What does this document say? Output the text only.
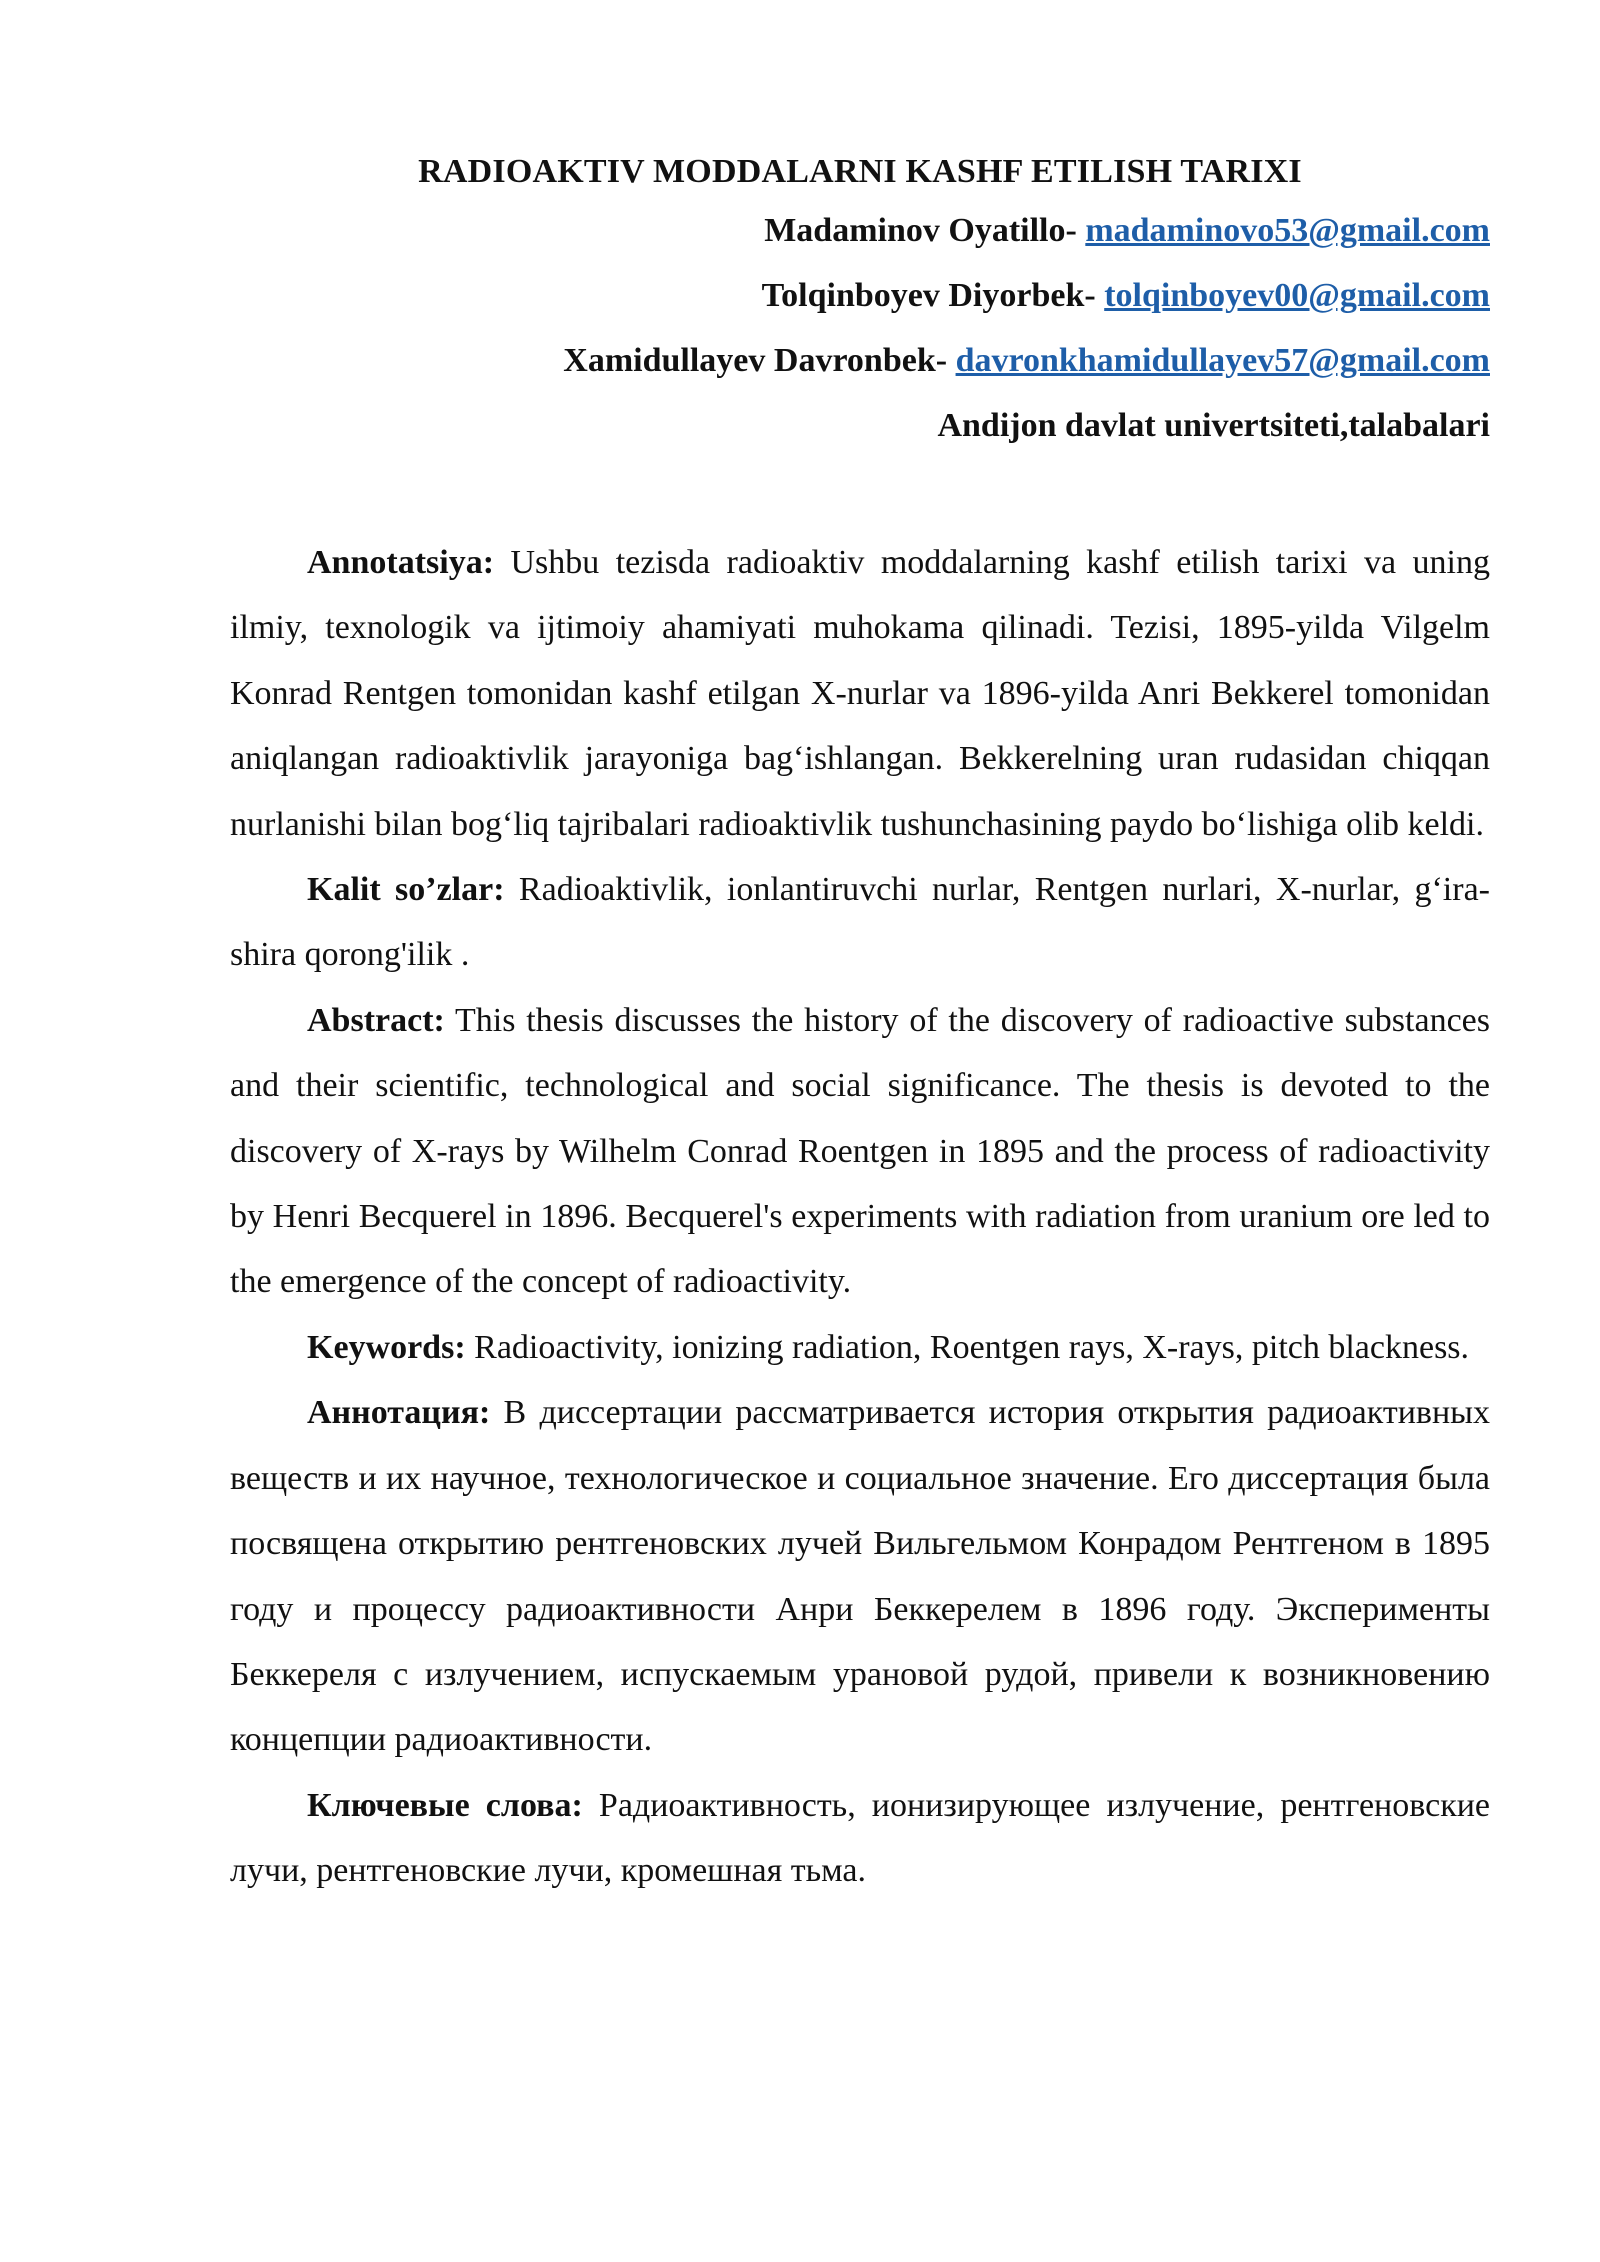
RADIOAKTIV MODDALARNI KASHF ETILISH TARIXI

Madaminov Oyatillo- madaminovo53@gmail.com

Tolqinboyev Diyorbek- tolqinboyev00@gmail.com

Xamidullayev Davronbek- davronkhamidullayev57@gmail.com

Andijon davlat univertsiteti,talabalari

Annotatsiya: Ushbu tezisda radioaktiv moddalarning kashf etilish tarixi va uning ilmiy, texnologik va ijtimoiy ahamiyati muhokama qilinadi. Tezisi, 1895-yilda Vilgelm Konrad Rentgen tomonidan kashf etilgan X-nurlar va 1896-yilda Anri Bekkerel tomonidan aniqlangan radioaktivlik jarayoniga bag‘ishlangan. Bekkerelning uran rudasidan chiqqan nurlanishi bilan bog‘liq tajribalari radioaktivlik tushunchasining paydo bo‘lishiga olib keldi.

Kalit so’zlar: Radioaktivlik, ionlantiruvchi nurlar, Rentgen nurlari, X-nurlar, g‘ira-shira qorong'ilik .

Abstract: This thesis discusses the history of the discovery of radioactive substances and their scientific, technological and social significance. The thesis is devoted to the discovery of X-rays by Wilhelm Conrad Roentgen in 1895 and the process of radioactivity by Henri Becquerel in 1896. Becquerel's experiments with radiation from uranium ore led to the emergence of the concept of radioactivity.

Keywords: Radioactivity, ionizing radiation, Roentgen rays, X-rays, pitch blackness.

Аннотация: В диссертации рассматривается история открытия радиоактивных веществ и их научное, технологическое и социальное значение. Его диссертация была посвящена открытию рентгеновских лучей Вильгельмом Конрадом Рентгеном в 1895 году и процессу радиоактивности Анри Беккерелем в 1896 году. Эксперименты Беккереля с излучением, испускаемым урановой рудой, привели к возникновению концепции радиоактивности.

Ключевые слова: Радиоактивность, ионизирующее излучение, рентгеновские лучи, рентгеновские лучи, кромешная тьма.
